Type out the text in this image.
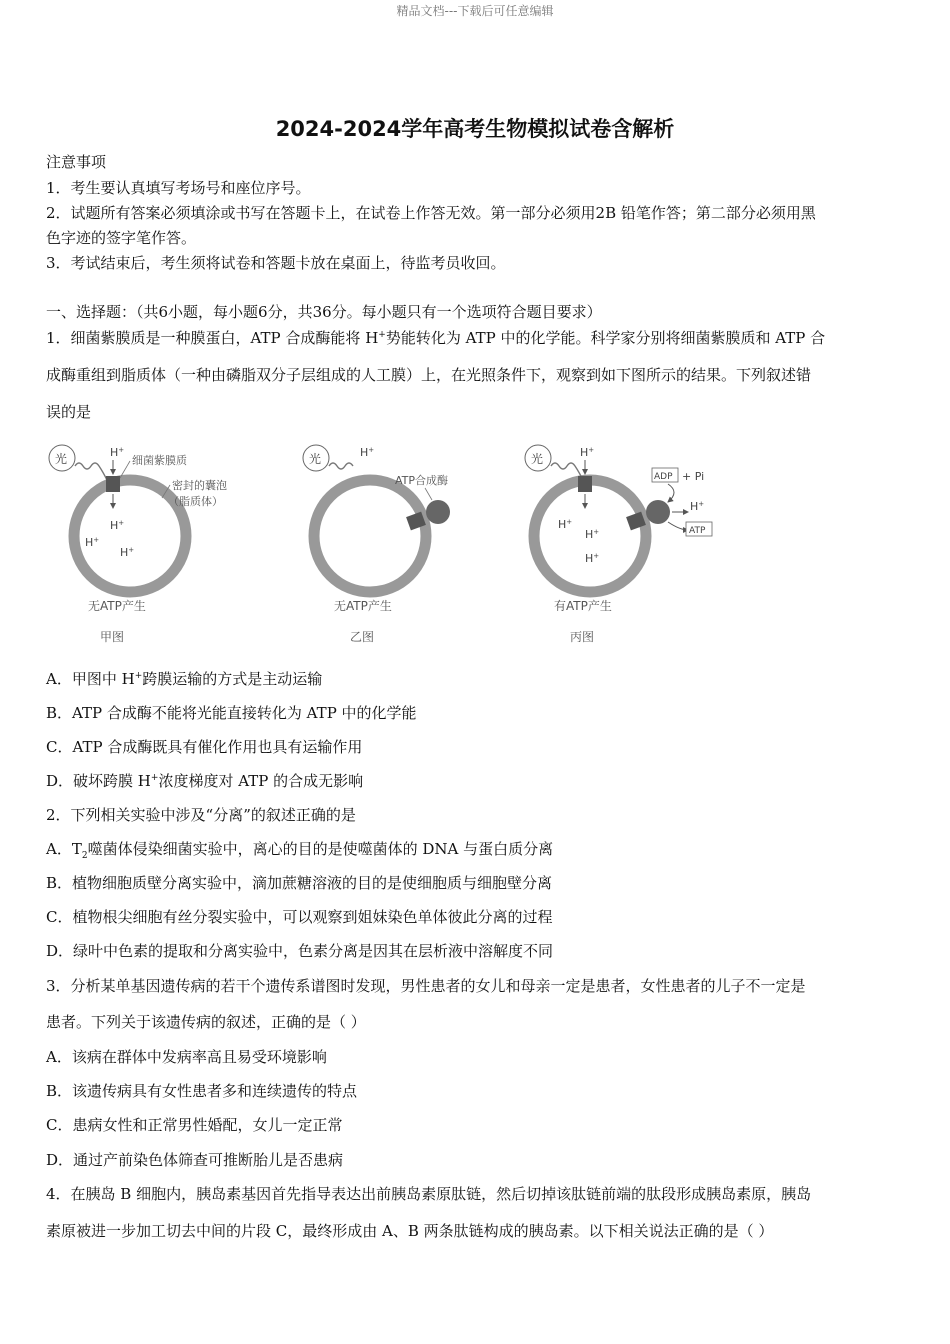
精品文档---下载后可任意编辑
2024-2024学年高考生物模拟试卷含解析
注意事项
1．考生要认真填写考场号和座位序号。
2．试题所有答案必须填涂或书写在答题卡上，在试卷上作答无效。第一部分必须用2B 铅笔作答；第二部分必须用黑
色字迹的签字笔作答。
3．考试结束后，考生须将试卷和答题卡放在桌面上，待监考员收回。
一、选择题：（共6小题，每小题6分，共36分。每小题只有一个选项符合题目要求）
1．细菌紫膜质是一种膜蛋白，ATP 合成酶能将 H+势能转化为 ATP 中的化学能。科学家分别将细菌紫膜质和 ATP 合
成酶重组到脂质体（一种由磷脂双分子层组成的人工膜）上，在光照条件下，观察到如下图所示的结果。下列叙述错
误的是
光	H+
细菌紫膜质
密封的囊泡
（脂质体）
H+
H+
H+
无ATP产生
甲图
光	H+
ATP合成酶
无ATP产生
乙图
光	H+
H+
H+
H+
ADP + Pi
H+
ATP
有ATP产生
丙图
A．甲图中 H+跨膜运输的方式是主动运输
B．ATP 合成酶不能将光能直接转化为 ATP 中的化学能
C．ATP 合成酶既具有催化作用也具有运输作用
D．破坏跨膜 H+浓度梯度对 ATP 的合成无影响
2．下列相关实验中涉及“分离”的叙述正确的是
A．$T_2$噬菌体侵染细菌实验中，离心的目的是使噬菌体的 DNA 与蛋白质分离
B．植物细胞质壁分离实验中，滴加蔗糖溶液的目的是使细胞质与细胞壁分离
C．植物根尖细胞有丝分裂实验中，可以观察到姐妹染色单体彼此分离的过程
D．绿叶中色素的提取和分离实验中，色素分离是因其在层析液中溶解度不同
3．分析某单基因遗传病的若干个遗传系谱图时发现，男性患者的女儿和母亲一定是患者，女性患者的儿子不一定是
患者。下列关于该遗传病的叙述，正确的是（ ）
A．该病在群体中发病率高且易受环境影响
B．该遗传病具有女性患者多和连续遗传的特点
C．患病女性和正常男性婚配，女儿一定正常
D．通过产前染色体筛查可推断胎儿是否患病
4．在胰岛 B 细胞内，胰岛素基因首先指导表达出前胰岛素原肽链，然后切掉该肽链前端的肽段形成胰岛素原，胰岛
素原被进一步加工切去中间的片段 C，最终形成由 A、B 两条肽链构成的胰岛素。以下相关说法正确的是（ ）
